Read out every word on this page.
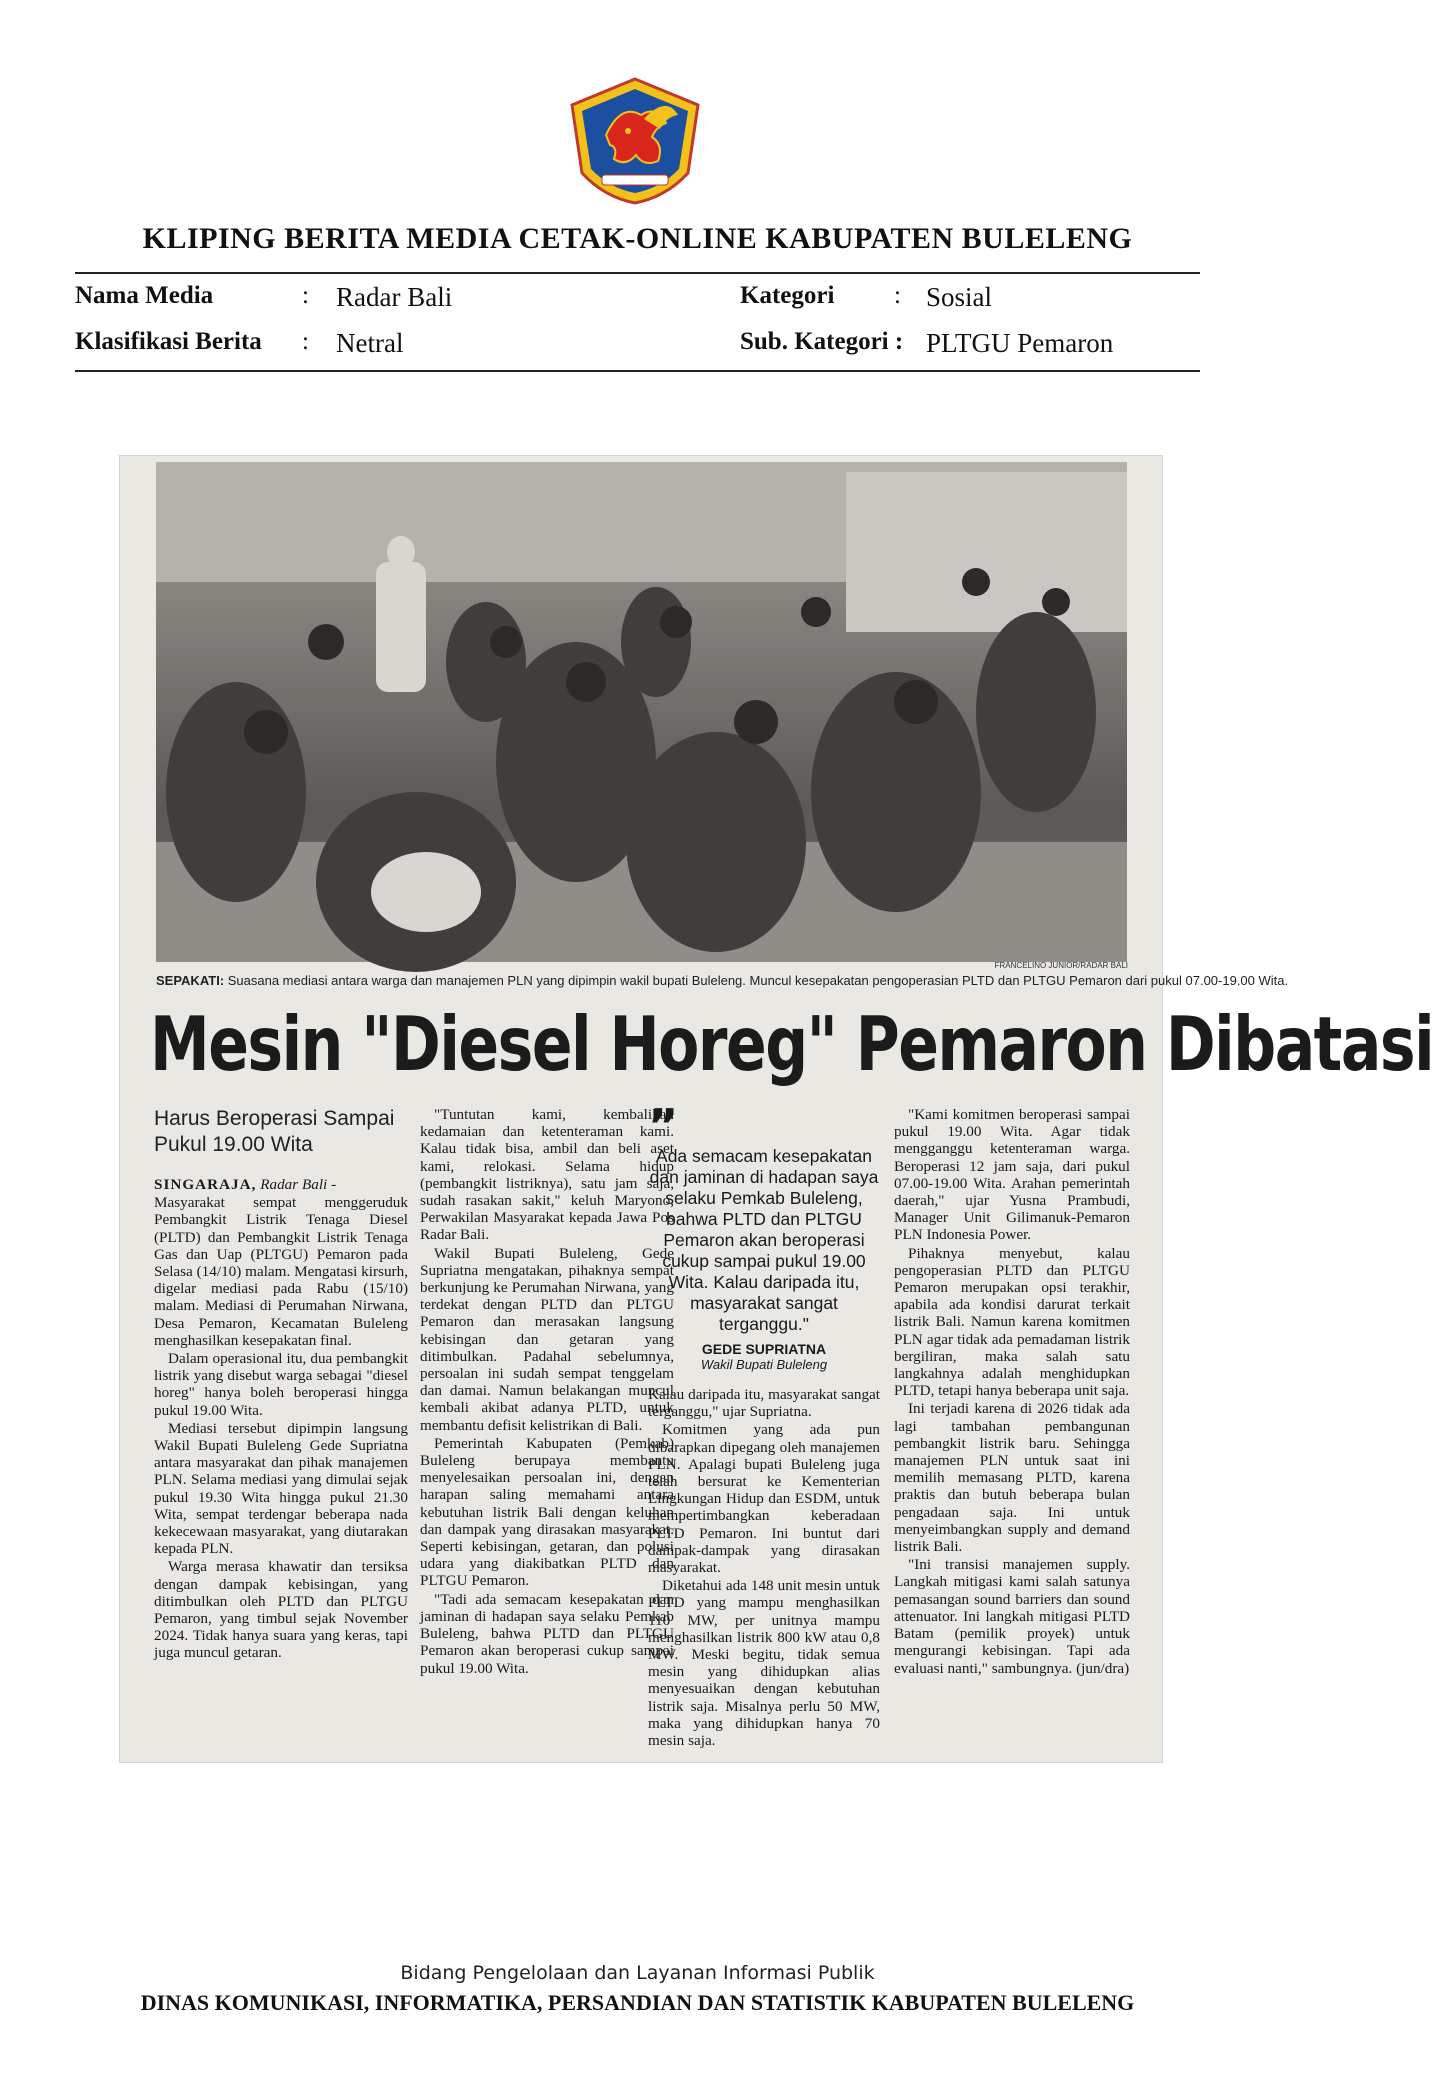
KLIPING BERITA MEDIA CETAK-ONLINE KABUPATEN BULELENG
Nama Media	: Radar Bali	Kategori : Sosial
Klasifikasi Berita : Netral	Sub. Kategori : PLTGU Pemaron
FRANCELINO JUNIOR/RADAR BALI
SEPAKATI: Suasana mediasi antara warga dan manajemen PLN yang dipimpin wakil bupati Buleleng. Muncul kesepakatan pengoperasian PLTD dan PLTGU Pemaron dari pukul 07.00-19.00 Wita.
Mesin "Diesel Horeg" Pemaron Dibatasi
Harus Beroperasi Sampai Pukul 19.00 Wita

SINGARAJA, Radar Bali -

Masyarakat sempat menggeruduk Pembangkit Listrik Tenaga Diesel (PLTD) dan Pembangkit Listrik Tenaga Gas dan Uap (PLTGU) Pemaron pada Selasa (14/10) malam. Mengatasi kirsurh, digelar mediasi pada Rabu (15/10) malam. Mediasi di Perumahan Nirwana, Desa Pemaron, Kecamatan Buleleng menghasilkan kesepakatan final.

Dalam operasional itu, dua pembangkit listrik yang disebut warga sebagai "diesel horeg" hanya boleh beroperasi hingga pukul 19.00 Wita.

Mediasi tersebut dipimpin langsung Wakil Bupati Buleleng Gede Supriatna antara masyarakat dan pihak manajemen PLN. Selama mediasi yang dimulai sejak pukul 19.30 Wita hingga pukul 21.30 Wita, sempat terdengar beberapa nada kekecewaan masyarakat, yang diutarakan kepada PLN.

Warga merasa khawatir dan tersiksa dengan dampak kebisingan, yang ditimbulkan oleh PLTD dan PLTGU Pemaron, yang timbul sejak November 2024. Tidak hanya suara yang keras, tapi juga muncul getaran.

"Tuntutan kami, kembalikan kedamaian dan ketenteraman kami. Kalau tidak bisa, ambil dan beli aset kami, relokasi. Selama hidup (pembangkit listriknya), satu jam saja, sudah rasakan sakit," keluh Maryono, Perwakilan Masyarakat kepada Jawa Pos Radar Bali.

Wakil Bupati Buleleng, Gede Supriatna mengatakan, pihaknya sempat berkunjung ke Perumahan Nirwana, yang terdekat dengan PLTD dan PLTGU Pemaron dan merasakan langsung kebisingan dan getaran yang ditimbulkan. Padahal sebelumnya, persoalan ini sudah sempat tenggelam dan damai. Namun belakangan muncul kembali akibat adanya PLTD, untuk membantu defisit kelistrikan di Bali.

Pemerintah Kabupaten (Pemkab) Buleleng berupaya membantu menyelesaikan persoalan ini, dengan harapan saling memahami antara kebutuhan listrik Bali dengan keluhan dan dampak yang dirasakan masyarakat. Seperti kebisingan, getaran, dan polusi udara yang diakibatkan PLTD dan PLTGU Pemaron.

"Tadi ada semacam kesepakatan dan jaminan di hadapan saya selaku Pemkab Buleleng, bahwa PLTD dan PLTGU Pemaron akan beroperasi cukup sampai pukul 19.00 Wita.

”
Ada semacam kesepakatan dan jaminan di hadapan saya selaku Pemkab Buleleng, bahwa PLTD dan PLTGU Pemaron akan beroperasi cukup sampai pukul 19.00 Wita. Kalau daripada itu, masyarakat sangat terganggu."
GEDE SUPRIATNA
Wakil Bupati Buleleng

Kalau daripada itu, masyarakat sangat terganggu," ujar Supriatna.

Komitmen yang ada pun dibarapkan dipegang oleh manajemen PLN. Apalagi bupati Buleleng juga telah bersurat ke Kementerian Lingkungan Hidup dan ESDM, untuk mempertimbangkan keberadaan PLTD Pemaron. Ini buntut dari dampak-dampak yang dirasakan masyarakat.

Diketahui ada 148 unit mesin untuk PLTD yang mampu menghasilkan 110 MW, per unitnya mampu menghasilkan listrik 800 kW atau 0,8 MW. Meski begitu, tidak semua mesin yang dihidupkan alias menyesuaikan dengan kebutuhan listrik saja. Misalnya perlu 50 MW, maka yang dihidupkan hanya 70 mesin saja.

"Kami komitmen beroperasi sampai pukul 19.00 Wita. Agar tidak mengganggu ketenteraman warga. Beroperasi 12 jam saja, dari pukul 07.00-19.00 Wita. Arahan pemerintah daerah," ujar Yusna Prambudi, Manager Unit Gilimanuk-Pemaron PLN Indonesia Power.

Pihaknya menyebut, kalau pengoperasian PLTD dan PLTGU Pemaron merupakan opsi terakhir, apabila ada kondisi darurat terkait listrik Bali. Namun karena komitmen PLN agar tidak ada pemadaman listrik bergiliran, maka salah satu langkahnya adalah menghidupkan PLTD, tetapi hanya beberapa unit saja.

Ini terjadi karena di 2026 tidak ada lagi tambahan pembangunan pembangkit listrik baru. Sehingga manajemen PLN untuk saat ini memilih memasang PLTD, karena praktis dan butuh beberapa bulan pengadaan saja. Ini untuk menyeimbangkan supply and demand listrik Bali.

"Ini transisi manajemen supply. Langkah mitigasi kami salah satunya pemasangan sound barriers dan sound attenuator. Ini langkah mitigasi PLTD Batam (pemilik proyek) untuk mengurangi kebisingan. Tapi ada evaluasi nanti," sambungnya. (jun/dra)

Bidang Pengelolaan dan Layanan Informasi Publik
DINAS KOMUNIKASI, INFORMATIKA, PERSANDIAN DAN STATISTIK KABUPATEN BULELENG
